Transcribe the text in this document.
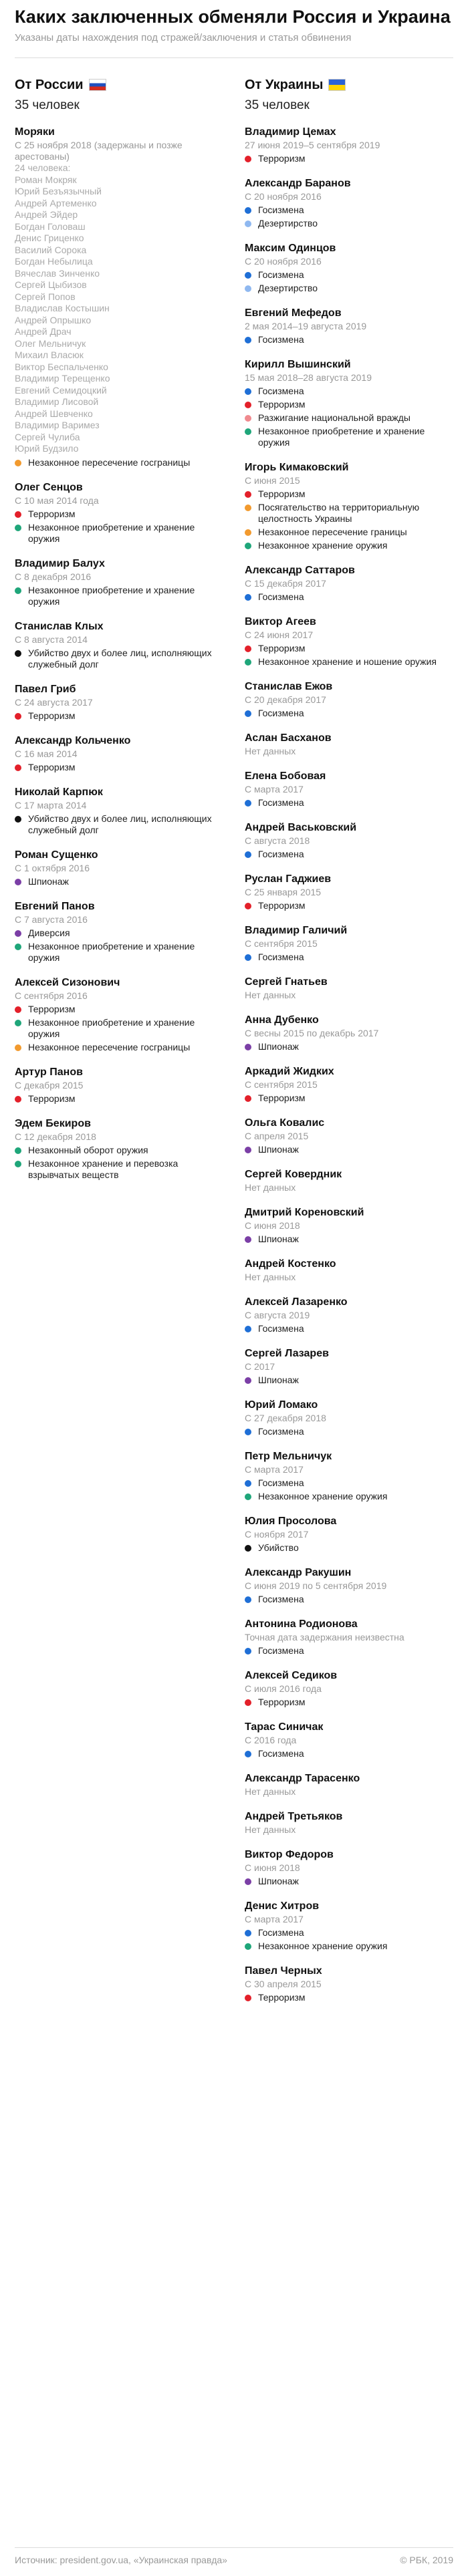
Каких заключенных обменяли Россия и Украина
Указаны даты нахождения под стражей/заключения и статья обвинения
От России
35 человек
Моряки
С 25 ноября 2018 (задержаны и позже арестованы)
24 человека:
Роман Мокряк
Юрий Безъязычный
Андрей Артеменко
Андрей Эйдер
Богдан Головаш
Денис Гриценко
Василий Сорока
Богдан Небылица
Вячеслав Зинченко
Сергей Цыбизов
Сергей Попов
Владислав Костышин
Андрей Опрышко
Андрей Драч
Олег Мельничук
Михаил Власюк
Виктор Беспальченко
Владимир Терещенко
Евгений Семидоцкий
Владимир Лисовой
Андрей Шевченко
Владимир Варимез
Сергей Чулиба
Юрий Будзило
Незаконное пересечение госграницы
Олег Сенцов
С 10 мая 2014 года
Терроризм
Незаконное приобретение и хранение оружия
Владимир Балух
С 8 декабря 2016
Незаконное приобретение и хранение оружия
Станислав Клых
С 8 августа 2014
Убийство двух и более лиц, исполняющих служебный долг
Павел Гриб
С 24 августа 2017
Терроризм
Александр Кольченко
С 16 мая 2014
Терроризм
Николай Карпюк
С 17 марта 2014
Убийство двух и более лиц, исполняющих служебный долг
Роман Сущенко
С 1 октября 2016
Шпионаж
Евгений Панов
С 7 августа 2016
Диверсия
Незаконное приобретение и хранение оружия
Алексей Сизонович
С сентября 2016
Терроризм
Незаконное приобретение и хранение оружия
Незаконное пересечение госграницы
Артур Панов
С декабря 2015
Терроризм
Эдем Бекиров
С 12 декабря 2018
Незаконный оборот оружия
Незаконное хранение и перевозка взрывчатых веществ
От Украины
35 человек
Владимир Цемах
27 июня 2019–5 сентября 2019
Терроризм
Александр Баранов
С 20 ноября 2016
Госизмена
Дезертирство
Максим Одинцов
С 20 ноября 2016
Госизмена
Дезертирство
Евгений Мефедов
2 мая 2014–19 августа 2019
Госизмена
Кирилл Вышинский
15 мая 2018–28 августа 2019
Госизмена
Терроризм
Разжигание национальной вражды
Незаконное приобретение и хранение оружия
Игорь Кимаковский
С июня 2015
Терроризм
Посягательство на территориальную целостность Украины
Незаконное пересечение границы
Незаконное хранение оружия
Александр Саттаров
С 15 декабря 2017
Госизмена
Виктор Агеев
С 24 июня 2017
Терроризм
Незаконное хранение и ношение оружия
Станислав Ежов
С 20 декабря 2017
Госизмена
Аслан Басханов
Нет данных
Елена Бобовая
С марта 2017
Госизмена
Андрей Васьковский
С августа 2018
Госизмена
Руслан Гаджиев
С 25 января 2015
Терроризм
Владимир Галичий
С сентября 2015
Госизмена
Сергей Гнатьев
Нет данных
Анна Дубенко
С весны 2015 по декабрь 2017
Шпионаж
Аркадий Жидких
С сентября 2015
Терроризм
Ольга Ковалис
С апреля 2015
Шпионаж
Сергей Ковердник
Нет данных
Дмитрий Кореновский
С июня 2018
Шпионаж
Андрей Костенко
Нет данных
Алексей Лазаренко
С августа 2019
Госизмена
Сергей Лазарев
С 2017
Шпионаж
Юрий Ломако
С 27 декабря 2018
Госизмена
Петр Мельничук
С марта 2017
Госизмена
Незаконное хранение оружия
Юлия Просолова
С ноября 2017
Убийство
Александр Ракушин
С июня 2019 по 5 сентября 2019
Госизмена
Антонина Родионова
Точная дата задержания неизвестна
Госизмена
Алексей Седиков
С июля 2016 года
Терроризм
Тарас Синичак
С 2016 года
Госизмена
Александр Тарасенко
Нет данных
Андрей Третьяков
Нет данных
Виктор Федоров
С июня 2018
Шпионаж
Денис Хитров
С марта 2017
Госизмена
Незаконное хранение оружия
Павел Черных
С 30 апреля 2015
Терроризм
Источник: president.gov.ua, «Украинская правда»	© РБК, 2019
